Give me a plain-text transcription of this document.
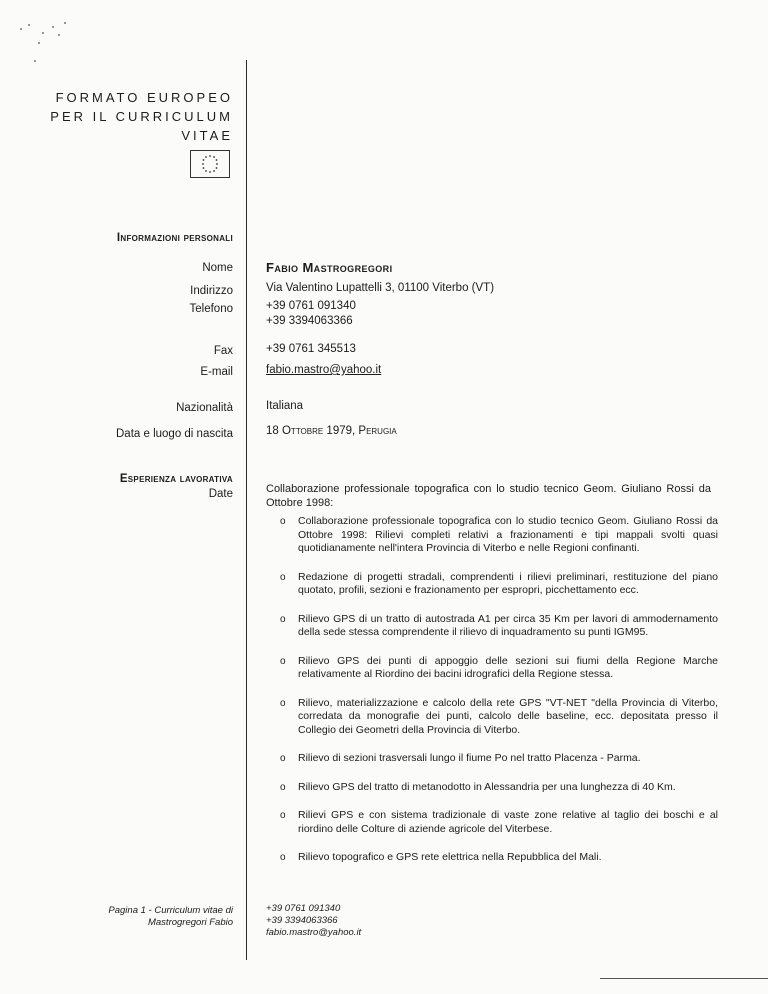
FORMATO EUROPEO
PER IL CURRICULUM
VITAE
Informazioni personali
Nome	Fabio Mastrogregori
Indirizzo	Via Valentino Lupattelli 3, 01100 Viterbo (VT)
Telefono	+39 0761 091340
+39 3394063366
Fax	+39 0761 345513
E-mail	fabio.mastro@yahoo.it
Nazionalità	Italiana
Data e luogo di nascita	18 Ottobre 1979, Perugia
Esperienza lavorativa
Date	Collaborazione professionale topografica con lo studio tecnico Geom. Giuliano Rossi da Ottobre 1998:
o Collaborazione professionale topografica con lo studio tecnico Geom. Giuliano Rossi da Ottobre 1998: Rilievi completi relativi a frazionamenti e tipi mappali svolti quasi quotidianamente nell'intera Provincia di Viterbo e nelle Regioni confinanti.
o Redazione di progetti stradali, comprendenti i rilievi preliminari, restituzione del piano quotato, profili, sezioni e frazionamento per espropri, picchettamento ecc.
o Rilievo GPS di un tratto di autostrada A1 per circa 35 Km per lavori di ammodernamento della sede stessa comprendente il rilievo di inquadramento su punti IGM95.
o Rilievo GPS dei punti di appoggio delle sezioni sui fiumi della Regione Marche relativamente al Riordino dei bacini idrografici della Regione stessa.
o Rilievo, materializzazione e calcolo della rete GPS "VT-NET "della Provincia di Viterbo, corredata da monografie dei punti, calcolo delle baseline, ecc. depositata presso il Collegio dei Geometri della Provincia di Viterbo.
o Rilievo di sezioni trasversali lungo il fiume Po nel tratto Placenza - Parma.
o Rilievo GPS del tratto di metanodotto in Alessandria per una lunghezza di 40 Km.
o Rilievi GPS e con sistema tradizionale di vaste zone relative al taglio dei boschi e al riordino delle Colture di aziende agricole del Viterbese.
o Rilievo topografico e GPS rete elettrica nella Repubblica del Mali.
Pagina 1 - Curriculum vitae di
Mastrogregori Fabio
+39 0761 091340
+39 3394063366
fabio.mastro@yahoo.it
